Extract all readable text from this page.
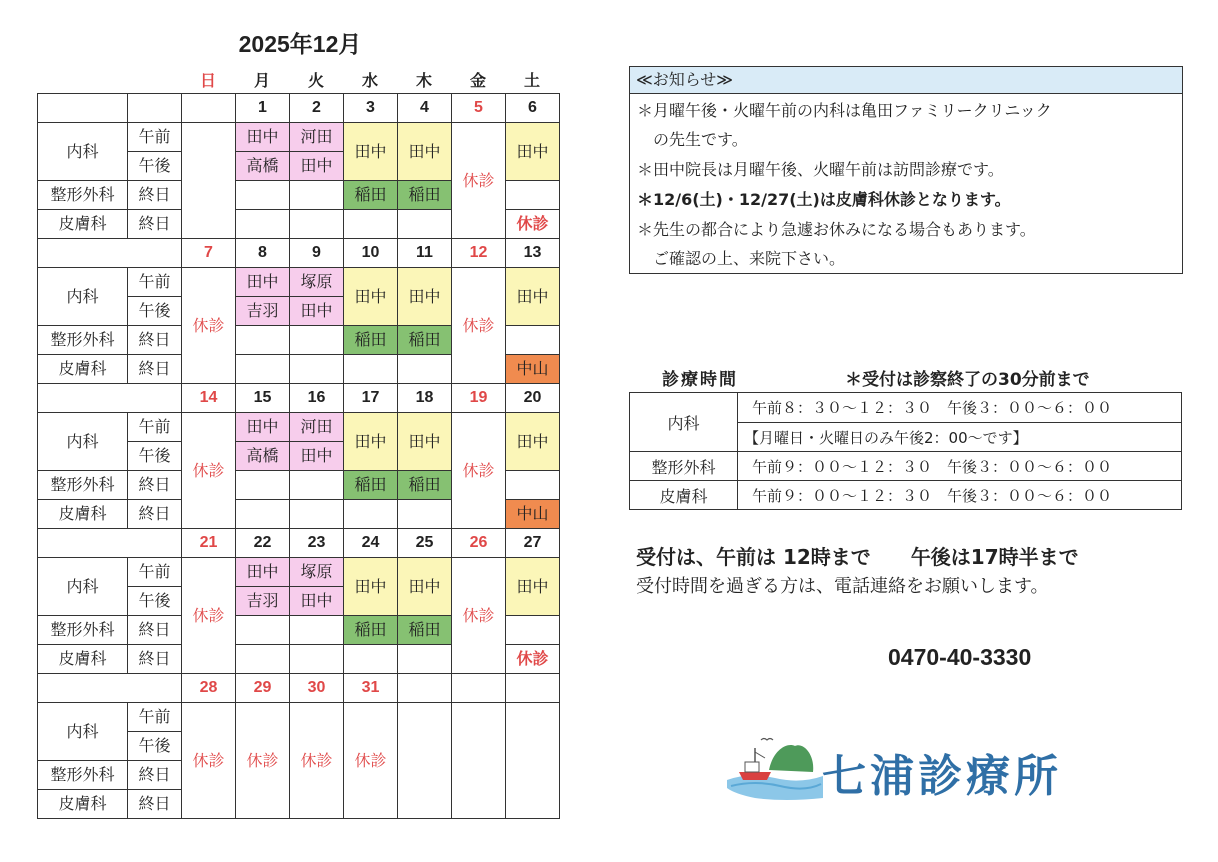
2025年12月
日	月	火	水	木	金	土
			1	2	3	4	5	6
内科	午前		田中	河田	田中	田中	休診	田中
	午後		高橋	田中				
整形外科	終日				稲田	稲田		
皮膚科	終日							休診
		7	8	9	10	11	12	13
内科	午前	休診	田中	塚原	田中	田中	休診	田中
	午後		吉羽	田中				
整形外科	終日				稲田	稲田		
皮膚科	終日							中山
		14	15	16	17	18	19	20
内科	午前	休診	田中	河田	田中	田中	休診	田中
	午後		高橋	田中				
整形外科	終日				稲田	稲田		
皮膚科	終日							中山
		21	22	23	24	25	26	27
内科	午前	休診	田中	塚原	田中	田中	休診	田中
	午後		吉羽	田中				
整形外科	終日				稲田	稲田		
皮膚科	終日							休診
		28	29	30	31			
内科	午前	休診	休診	休診	休診			
	午後							
整形外科	終日							
皮膚科	終日							
≪お知らせ≫
＊月曜午後・火曜午前の内科は亀田ファミリークリニック
　の先生です。
＊田中院長は月曜午後、火曜午前は訪問診療です。
＊12/6(土)・12/27(土)は皮膚科休診となります。
＊先生の都合により急遽お休みになる場合もあります。
　ご確認の上、来院下さい。
診療時間	＊受付は診察終了の30分前まで
内科	午前８：３０〜１２：３０　午後３：００〜６：００
	【月曜日・火曜日のみ午後2：00〜です】
整形外科	午前９：００〜１２：３０　午後３：００〜６：００
皮膚科	午前９：００〜１２：３０　午後３：００〜６：００
受付は、午前は 12時まで　　午後は17時半まで
受付時間を過ぎる方は、電話連絡をお願いします。
0470-40-3330
七浦診療所
